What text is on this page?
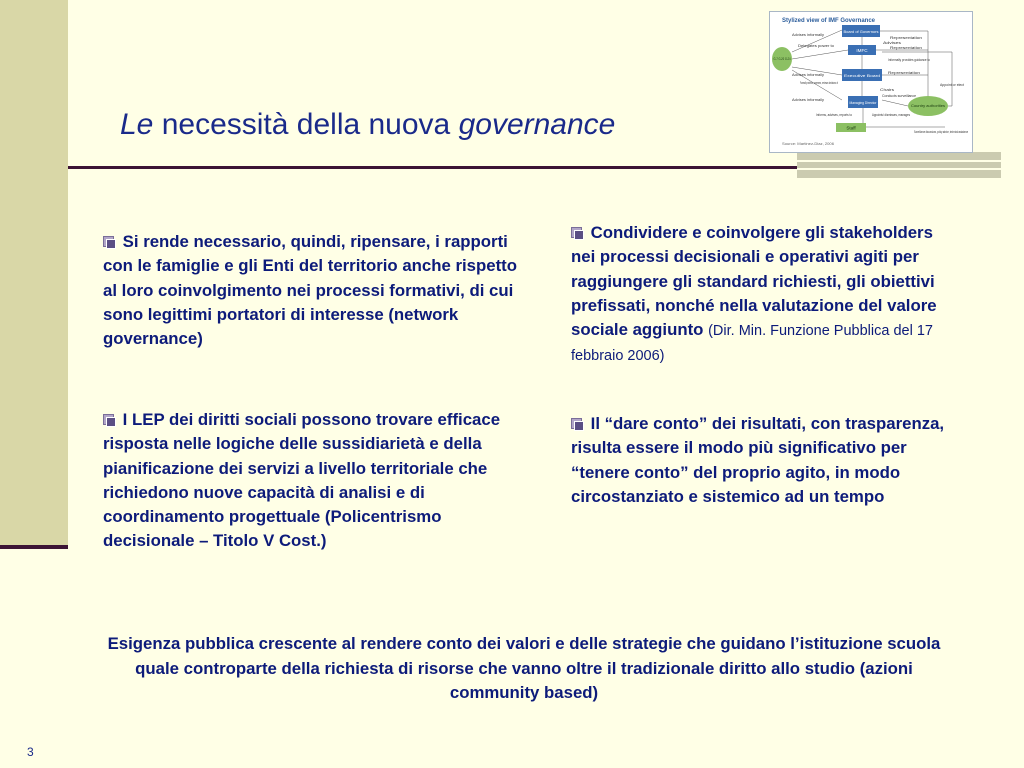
Le necessità della nuova governance
Stylized view of IMF Governance
Board of Governors
IMFC
Executive Board
Managing Director
Staff
G-7 G-20 G-24
Country authorities
Advises informally
Delegates power to
Representation
Advises
Representation
Informally provides guidance to
Advises informally	Representation
Formally selects, oversees, reviews decisions of
Advises informally
Chairs
Conducts surveillance
Informs, advises, reports to	Appoints/ dismisses, manages
Appoint or elect
Surveillance discussions, policy advice, technical assistance
Source: Martinez-Diaz, 2006
Si rende necessario, quindi, ripensare, i rapporti con le famiglie e gli Enti del territorio anche rispetto al loro coinvolgimento nei processi formativi, di cui sono legittimi portatori di interesse (network governance)
I LEP dei diritti sociali possono trovare efficace risposta nelle logiche delle sussidiarietà e della pianificazione dei servizi a livello territoriale che richiedono nuove capacità di analisi e di coordinamento progettuale (Policentrismo decisionale – Titolo V Cost.)
Condividere e coinvolgere gli stakeholders nei processi decisionali e operativi agiti per raggiungere gli standard richiesti, gli obiettivi prefissati, nonché nella valutazione del valore sociale aggiunto (Dir. Min. Funzione Pubblica del 17 febbraio 2006)
Il “dare conto” dei risultati, con trasparenza, risulta essere il modo più significativo per “tenere conto” del proprio agito, in modo circostanziato e sistemico ad un tempo
Esigenza pubblica crescente al rendere conto dei valori e delle strategie che guidano l’istituzione scuola quale controparte della richiesta di risorse che vanno oltre il tradizionale diritto allo studio (azioni community based)
3
